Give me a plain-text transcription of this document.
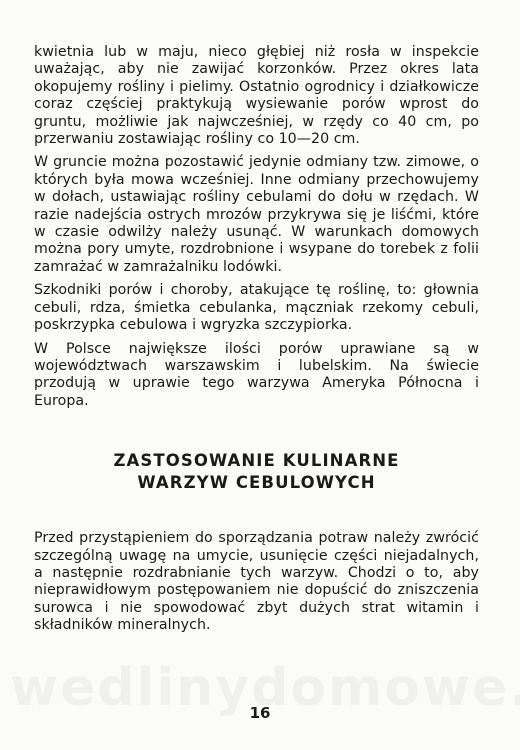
kwietnia lub w maju, nieco głębiej niż rosła w inspekcie uważając, aby nie zawijać korzonków. Przez okres lata okopujemy rośliny i pielimy. Ostatnio ogrodnicy i działkowicze coraz częściej praktykują wysiewanie porów wprost do gruntu, możliwie jak najwcześniej, w rzędy co 40 cm, po przerwaniu zostawiając rośliny co 10—20 cm.

W gruncie można pozostawić jedynie odmiany tzw. zimowe, o których była mowa wcześniej. Inne odmiany przechowujemy w dołach, ustawiając rośliny cebulami do dołu w rzędach. W razie nadejścia ostrych mrozów przykrywa się je liśćmi, które w czasie odwilży należy usunąć. W warunkach domowych można pory umyte, rozdrobnione i wsypane do torebek z folii zamrażać w zamrażalniku lodówki.

Szkodniki porów i choroby, atakujące tę roślinę, to: głownia cebuli, rdza, śmietka cebulanka, mączniak rzekomy cebuli, poskrzypka cebulowa i wgryzka szczypiorka.

W Polsce największe ilości porów uprawiane są w województwach warszawskim i lubelskim. Na świecie przodują w uprawie tego warzywa Ameryka Północna i Europa.

ZASTOSOWANIE KULINARNE
WARZYW CEBULOWYCH

Przed przystąpieniem do sporządzania potraw należy zwrócić szczególną uwagę na umycie, usunięcie części niejadalnych, a następnie rozdrabnianie tych warzyw. Chodzi o to, aby nieprawidłowym postępowaniem nie dopuścić do zniszczenia surowca i nie spowodować zbyt dużych strat witamin i składników mineralnych.

16
